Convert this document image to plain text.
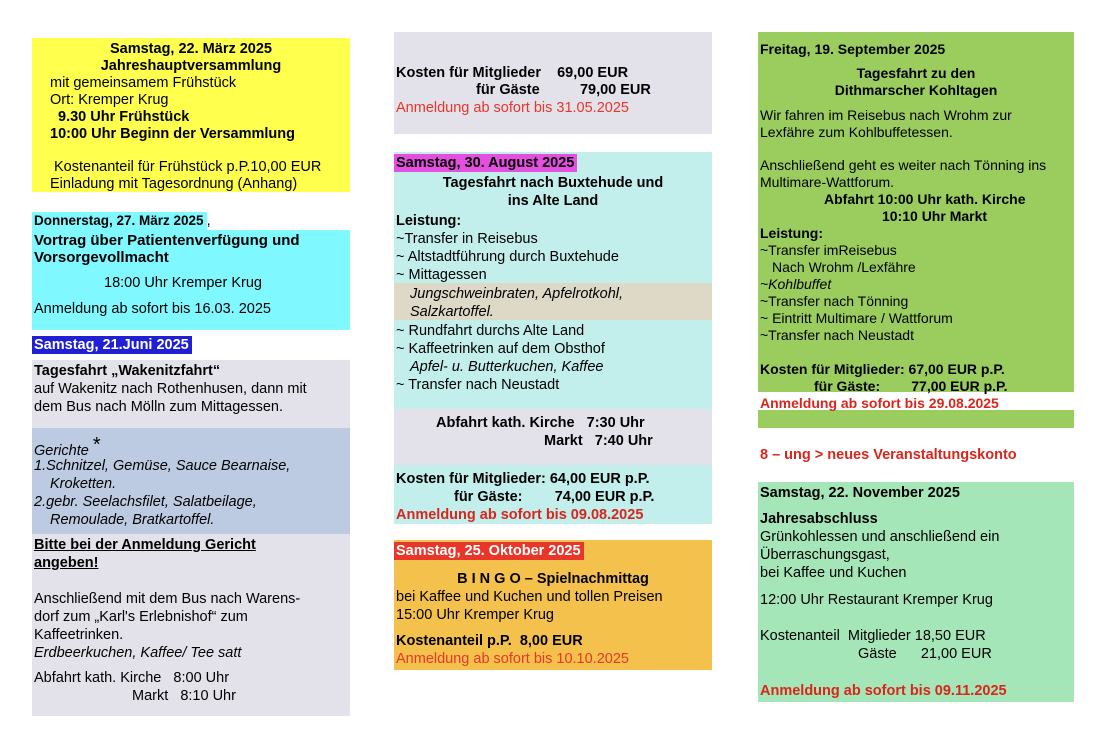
Samstag, 22. März 2025
Jahreshauptversammlung
mit gemeinsamem Frühstück
Ort: Kremper Krug
9.30 Uhr Frühstück
10:00 Uhr Beginn der Versammlung
Kostenanteil für Frühstück p.P.10,00 EUR
Einladung mit Tagesordnung (Anhang)
Donnerstag, 27. März 2025 ,
Vortrag über Patientenverfügung und
Vorsorgevollmacht
18:00 Uhr Kremper Krug
Anmeldung ab sofort bis 16.03. 2025
Samstag, 21.Juni 2025
Tagesfahrt „Wakenitzfahrt“
auf Wakenitz nach Rothenhusen, dann mit
dem Bus nach Mölln zum Mittagessen.
Gerichte *
1.Schnitzel, Gemüse, Sauce Bearnaise,
Kroketten.
2.gebr. Seelachsfilet, Salatbeilage,
Remoulade, Bratkartoffel.
Bitte bei der Anmeldung Gericht
angeben!
Anschließend mit dem Bus nach Warens-
dorf zum „Karl's Erlebnishof“ zum
Kaffeetrinken.
Erdbeerkuchen, Kaffee/ Tee satt
Abfahrt kath. Kirche   8:00 Uhr
Markt   8:10 Uhr
Kosten für Mitglieder    69,00 EUR
für Gäste          79,00 EUR
Anmeldung ab sofort bis 31.05.2025
Samstag, 30. August 2025
Tagesfahrt nach Buxtehude und
ins Alte Land
Leistung:
~Transfer in Reisebus
~ Altstadtführung durch Buxtehude
~ Mittagessen
Jungschweinbraten, Apfelrotkohl,
Salzkartoffel.
~ Rundfahrt durchs Alte Land
~ Kaffeetrinken auf dem Obsthof
Apfel- u. Butterkuchen, Kaffee
~ Transfer nach Neustadt
Abfahrt kath. Kirche   7:30 Uhr
Markt   7:40 Uhr
Kosten für Mitglieder: 64,00 EUR p.P.
für Gäste:        74,00 EUR p.P.
Anmeldung ab sofort bis 09.08.2025
Samstag, 25. Oktober 2025
B I N G O – Spielnachmittag
bei Kaffee und Kuchen und tollen Preisen
15:00 Uhr Kremper Krug
Kostenanteil p.P.  8,00 EUR
Anmeldung ab sofort bis 10.10.2025
Freitag, 19. September 2025
Tagesfahrt zu den
Dithmarscher Kohltagen
Wir fahren im Reisebus nach Wrohm zur
Lexfähre zum Kohlbuffetessen.
Anschließend geht es weiter nach Tönning ins
Multimare-Wattforum.
Abfahrt 10:00 Uhr kath. Kirche
10:10 Uhr Markt
Leistung:
~Transfer imReisebus
Nach Wrohm /Lexfähre
~Kohlbuffet
~Transfer nach Tönning
~ Eintritt Multimare / Wattforum
~Transfer nach Neustadt
Kosten für Mitglieder: 67,00 EUR p.P.
für Gäste:        77,00 EUR p.P.
Anmeldung ab sofort bis 29.08.2025
8 – ung > neues Veranstaltungskonto
Samstag, 22. November 2025
Jahresabschluss
Grünkohlessen und anschließend ein
Überraschungsgast,
bei Kaffee und Kuchen
12:00 Uhr Restaurant Kremper Krug
Kostenanteil  Mitglieder 18,50 EUR
Gäste      21,00 EUR
Anmeldung ab sofort bis 09.11.2025
